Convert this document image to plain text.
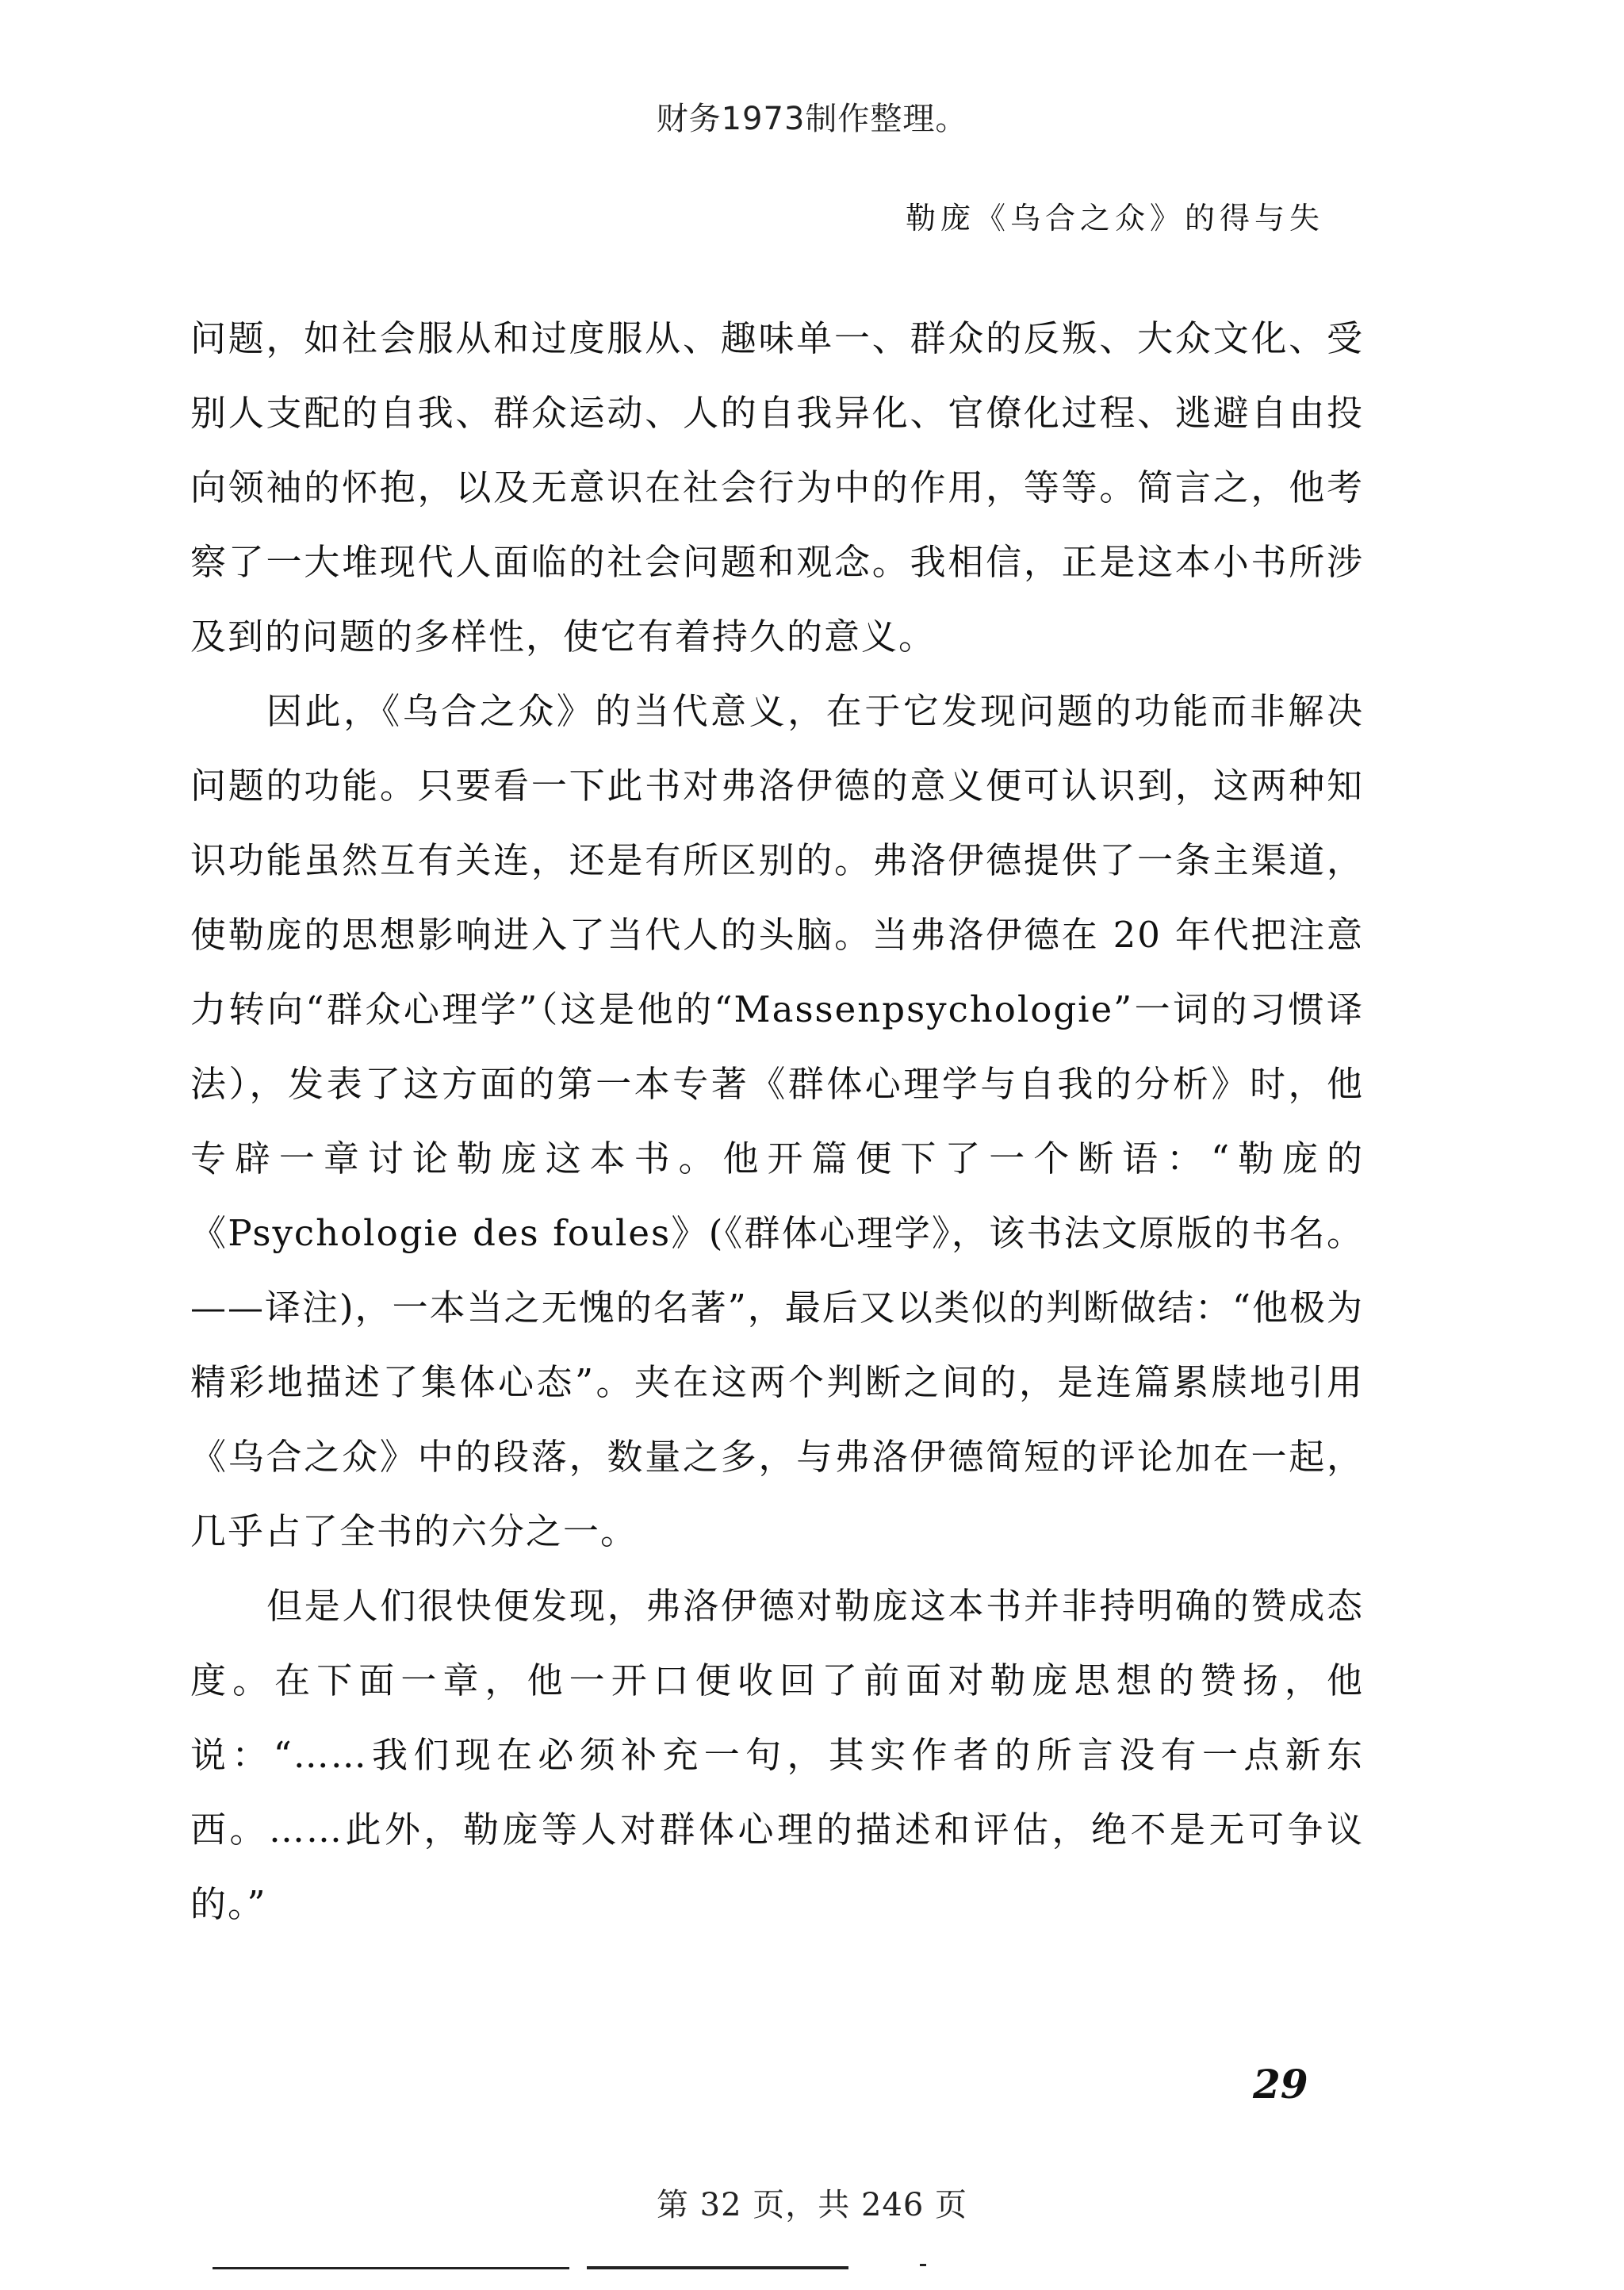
财务1973制作整理。
勒庞《乌合之众》的得与失

问题，如社会服从和过度服从、趣味单一、群众的反叛、大众文化、受别人支配的自我、群众运动、人的自我异化、官僚化过程、逃避自由投向领袖的怀抱，以及无意识在社会行为中的作用，等等。简言之，他考察了一大堆现代人面临的社会问题和观念。我相信，正是这本小书所涉及到的问题的多样性，使它有着持久的意义。

因此，《乌合之众》的当代意义，在于它发现问题的功能而非解决问题的功能。只要看一下此书对弗洛伊德的意义便可认识到，这两种知识功能虽然互有关连，还是有所区别的。弗洛伊德提供了一条主渠道，使勒庞的思想影响进入了当代人的头脑。当弗洛伊德在 20 年代把注意力转向“群众心理学”（这是他的“Massenpsychologie”一词的习惯译法），发表了这方面的第一本专著《群体心理学与自我的分析》时，他专辟一章讨论勒庞这本书。他开篇便下了一个断语：“勒庞的《Psychologie des foules》(《群体心理学》，该书法文原版的书名。——译注)，一本当之无愧的名著”，最后又以类似的判断做结：“他极为精彩地描述了集体心态”。夹在这两个判断之间的，是连篇累牍地引用《乌合之众》中的段落，数量之多，与弗洛伊德简短的评论加在一起，几乎占了全书的六分之一。

但是人们很快便发现，弗洛伊德对勒庞这本书并非持明确的赞成态度。在下面一章，他一开口便收回了前面对勒庞思想的赞扬，他说：“……我们现在必须补充一句，其实作者的所言没有一点新东西。……此外，勒庞等人对群体心理的描述和评估，绝不是无可争议的。”

29
第 32 页，共 246 页
